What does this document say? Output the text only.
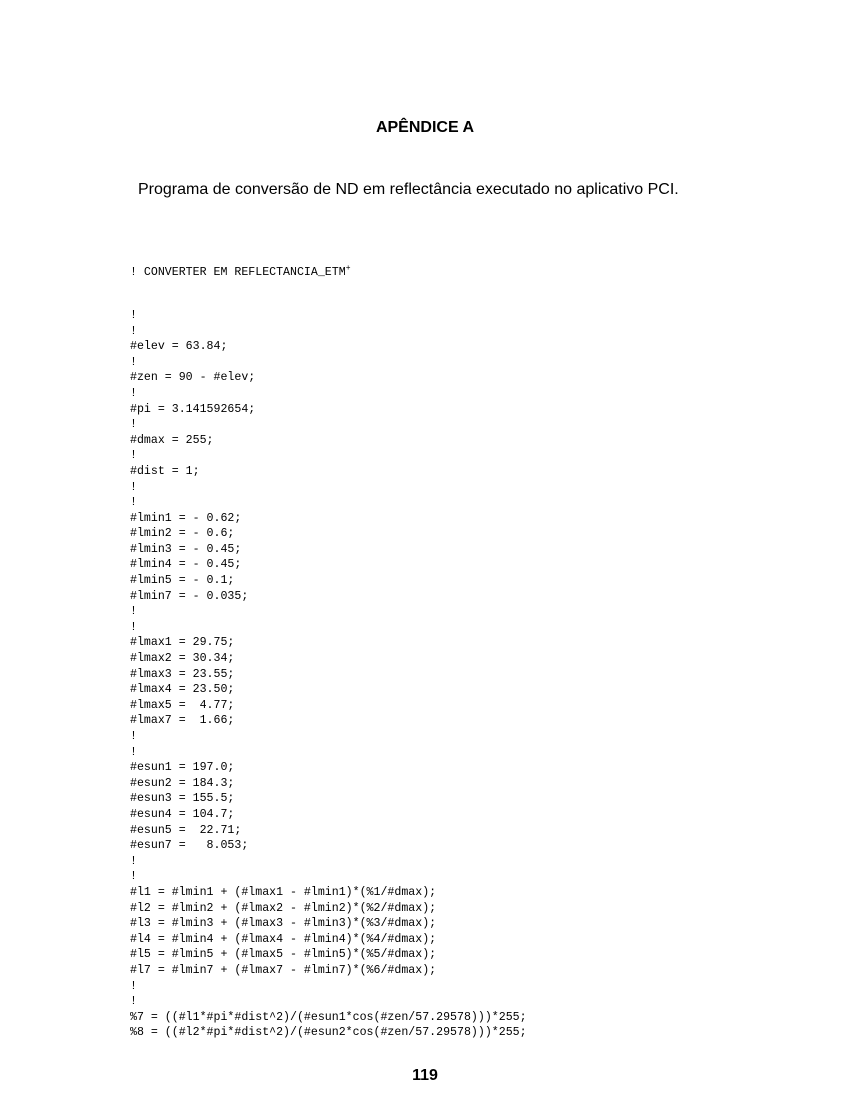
APÊNDICE A

Programa de conversão de ND em reflectância executado no aplicativo PCI.

! CONVERTER EM REFLECTANCIA_ETM+

!
!
#elev = 63.84;
!
#zen = 90 - #elev;
!
#pi = 3.141592654;
!
#dmax = 255;
!
#dist = 1;
!
!
#lmin1 = - 0.62;
#lmin2 = - 0.6;
#lmin3 = - 0.45;
#lmin4 = - 0.45;
#lmin5 = - 0.1;
#lmin7 = - 0.035;
!
!
#lmax1 = 29.75;
#lmax2 = 30.34;
#lmax3 = 23.55;
#lmax4 = 23.50;
#lmax5 =  4.77;
#lmax7 =  1.66;
!
!
#esun1 = 197.0;
#esun2 = 184.3;
#esun3 = 155.5;
#esun4 = 104.7;
#esun5 =  22.71;
#esun7 =   8.053;
!
!
#l1 = #lmin1 + (#lmax1 - #lmin1)*(%1/#dmax);
#l2 = #lmin2 + (#lmax2 - #lmin2)*(%2/#dmax);
#l3 = #lmin3 + (#lmax3 - #lmin3)*(%3/#dmax);
#l4 = #lmin4 + (#lmax4 - #lmin4)*(%4/#dmax);
#l5 = #lmin5 + (#lmax5 - #lmin5)*(%5/#dmax);
#l7 = #lmin7 + (#lmax7 - #lmin7)*(%6/#dmax);
!
!
%7 = ((#l1*#pi*#dist^2)/(#esun1*cos(#zen/57.29578)))*255;
%8 = ((#l2*#pi*#dist^2)/(#esun2*cos(#zen/57.29578)))*255;

119
